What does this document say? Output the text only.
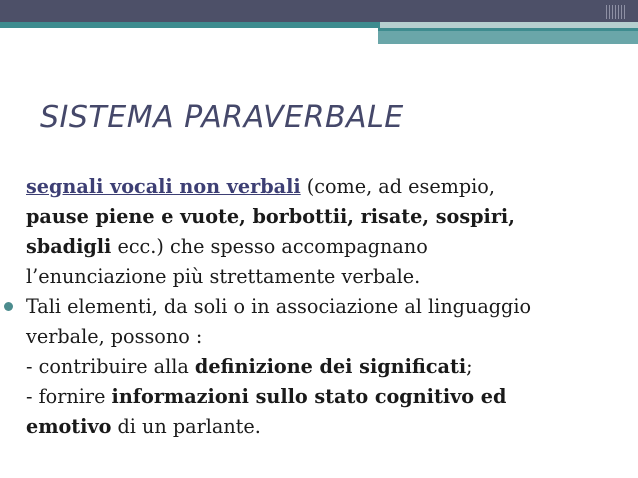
SISTEMA PARAVERBALE
segnali vocali non verbali (come, ad esempio,
pause piene e vuote, borbottii, risate, sospiri,
sbadigli ecc.) che spesso accompagnano
l’enunciazione più strettamente verbale.
Tali elementi, da soli o in associazione al linguaggio
verbale, possono :
- contribuire alla definizione dei significati;
- fornire informazioni sullo stato cognitivo ed
emotivo di un parlante.
